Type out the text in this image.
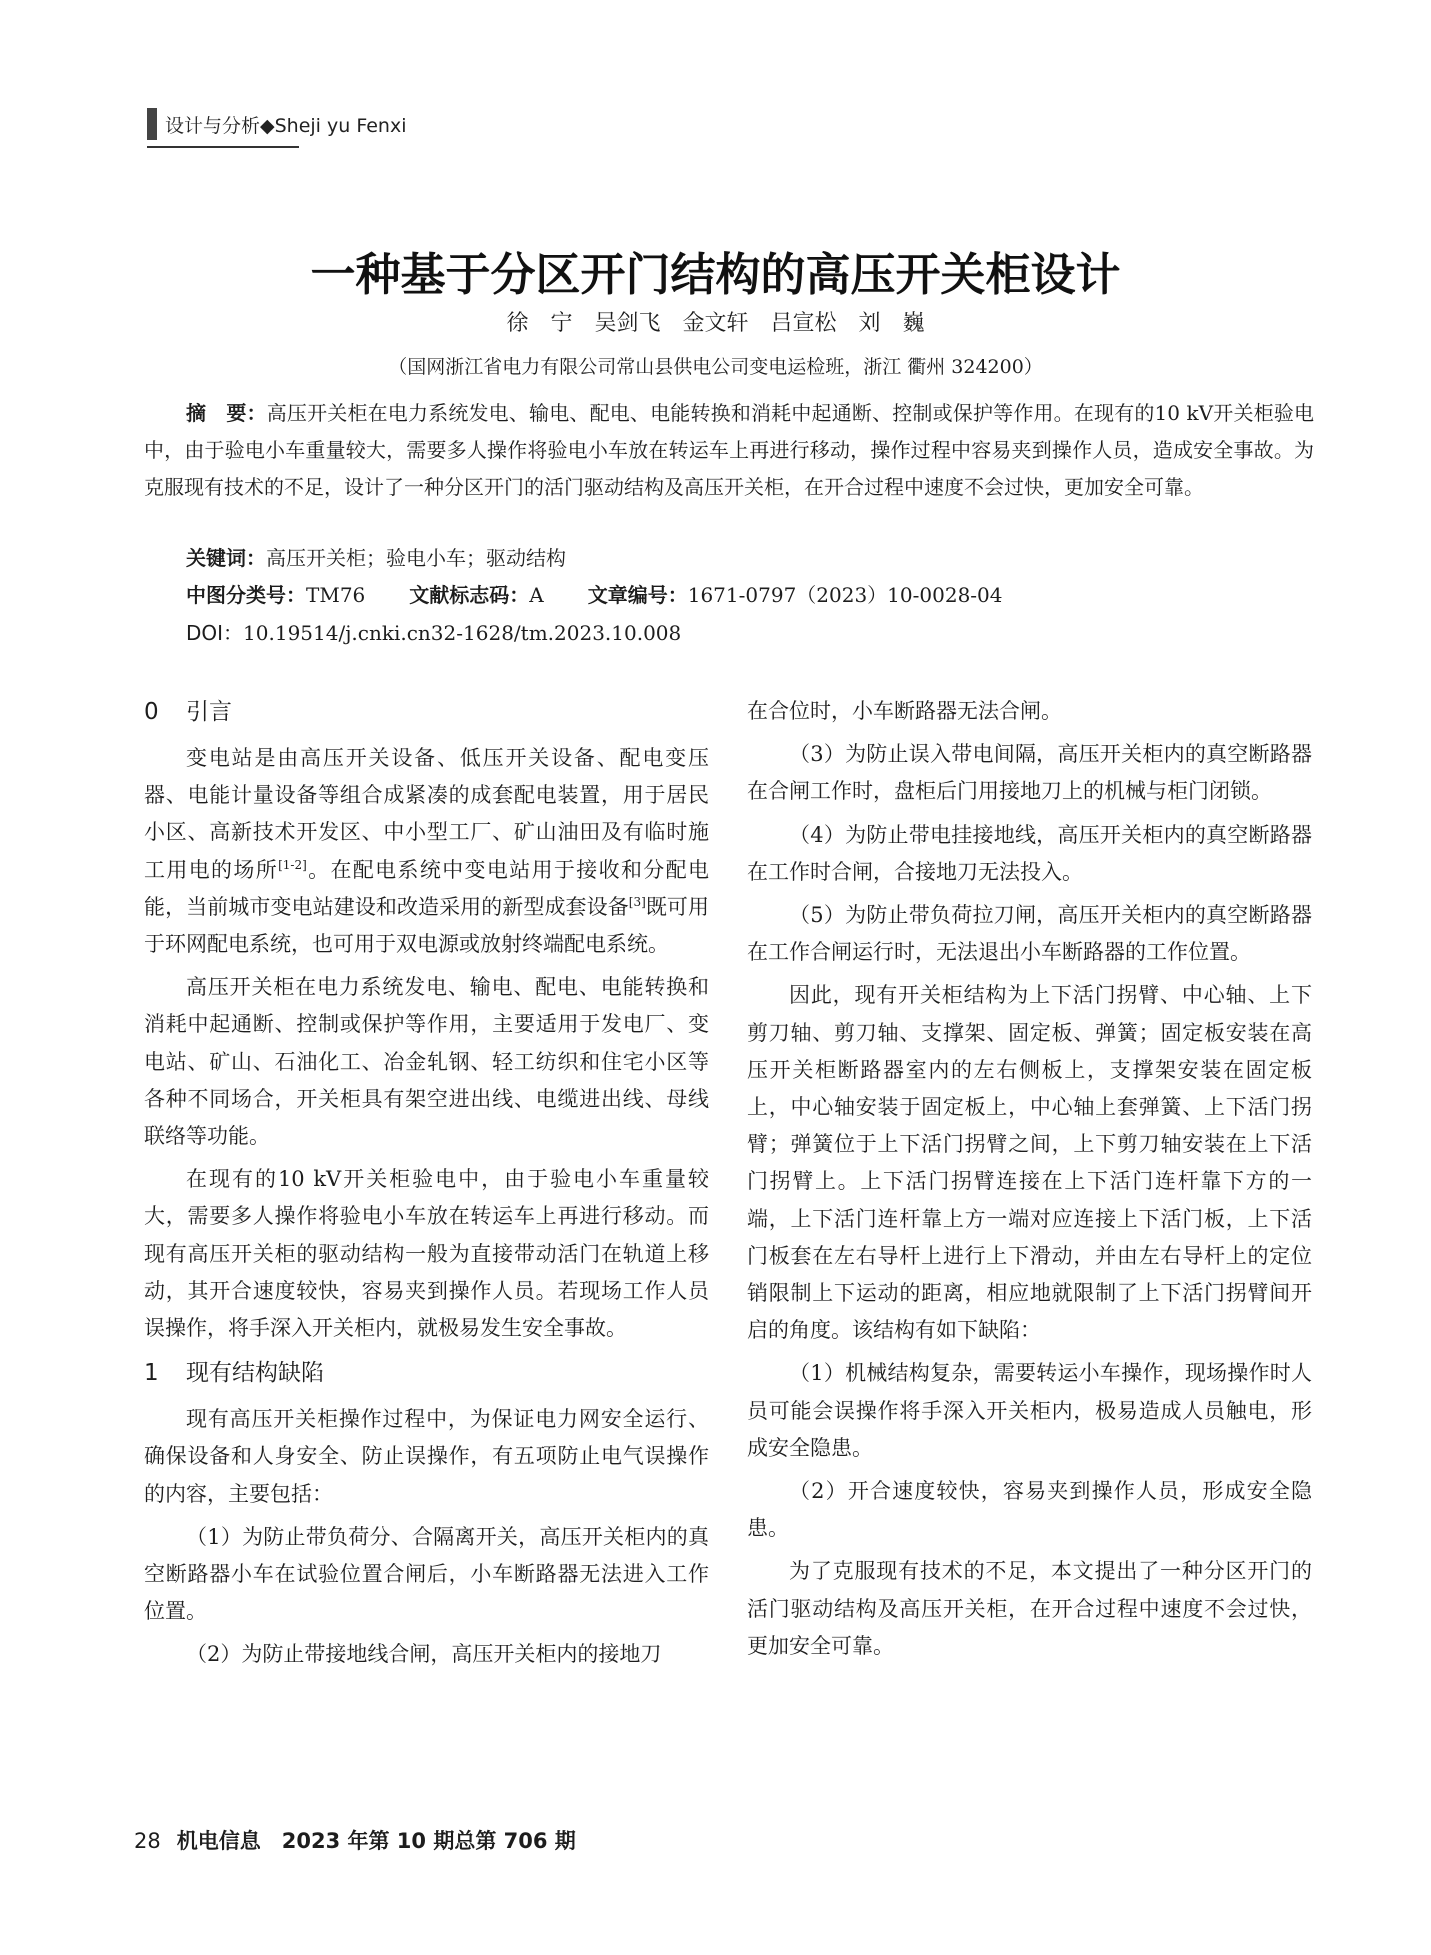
设计与分析◆Sheji yu Fenxi
一种基于分区开门结构的高压开关柜设计
徐　宁　吴剑飞　金文轩　吕宣松　刘　巍
（国网浙江省电力有限公司常山县供电公司变电运检班，浙江 衢州 324200）
摘　要：高压开关柜在电力系统发电、输电、配电、电能转换和消耗中起通断、控制或保护等作用。在现有的10 kV开关柜验电中，由于验电小车重量较大，需要多人操作将验电小车放在转运车上再进行移动，操作过程中容易夹到操作人员，造成安全事故。为克服现有技术的不足，设计了一种分区开门的活门驱动结构及高压开关柜，在开合过程中速度不会过快，更加安全可靠。
关键词：高压开关柜；验电小车；驱动结构
中图分类号：TM76 文献标志码：A 文章编号：1671-0797（2023）10-0028-04
DOI：10.19514/j.cnki.cn32-1628/tm.2023.10.008
0 引言

变电站是由高压开关设备、低压开关设备、配电变压器、电能计量设备等组合成紧凑的成套配电装置，用于居民小区、高新技术开发区、中小型工厂、矿山油田及有临时施工用电的场所[1-2]。在配电系统中变电站用于接收和分配电能，当前城市变电站建设和改造采用的新型成套设备[3]既可用于环网配电系统，也可用于双电源或放射终端配电系统。

高压开关柜在电力系统发电、输电、配电、电能转换和消耗中起通断、控制或保护等作用，主要适用于发电厂、变电站、矿山、石油化工、冶金轧钢、轻工纺织和住宅小区等各种不同场合，开关柜具有架空进出线、电缆进出线、母线联络等功能。

在现有的10 kV开关柜验电中，由于验电小车重量较大，需要多人操作将验电小车放在转运车上再进行移动。而现有高压开关柜的驱动结构一般为直接带动活门在轨道上移动，其开合速度较快，容易夹到操作人员。若现场工作人员误操作，将手深入开关柜内，就极易发生安全事故。

1 现有结构缺陷

现有高压开关柜操作过程中，为保证电力网安全运行、确保设备和人身安全、防止误操作，有五项防止电气误操作的内容，主要包括：

（1）为防止带负荷分、合隔离开关，高压开关柜内的真空断路器小车在试验位置合闸后，小车断路器无法进入工作位置。

（2）为防止带接地线合闸，高压开关柜内的接地刀

在合位时，小车断路器无法合闸。

（3）为防止误入带电间隔，高压开关柜内的真空断路器在合闸工作时，盘柜后门用接地刀上的机械与柜门闭锁。

（4）为防止带电挂接地线，高压开关柜内的真空断路器在工作时合闸，合接地刀无法投入。

（5）为防止带负荷拉刀闸，高压开关柜内的真空断路器在工作合闸运行时，无法退出小车断路器的工作位置。

因此，现有开关柜结构为上下活门拐臂、中心轴、上下剪刀轴、剪刀轴、支撑架、固定板、弹簧；固定板安装在高压开关柜断路器室内的左右侧板上，支撑架安装在固定板上，中心轴安装于固定板上，中心轴上套弹簧、上下活门拐臂；弹簧位于上下活门拐臂之间，上下剪刀轴安装在上下活门拐臂上。上下活门拐臂连接在上下活门连杆靠下方的一端，上下活门连杆靠上方一端对应连接上下活门板，上下活门板套在左右导杆上进行上下滑动，并由左右导杆上的定位销限制上下运动的距离，相应地就限制了上下活门拐臂间开启的角度。该结构有如下缺陷：

（1）机械结构复杂，需要转运小车操作，现场操作时人员可能会误操作将手深入开关柜内，极易造成人员触电，形成安全隐患。

（2）开合速度较快，容易夹到操作人员，形成安全隐患。

为了克服现有技术的不足，本文提出了一种分区开门的活门驱动结构及高压开关柜，在开合过程中速度不会过快，更加安全可靠。

28 机电信息　2023 年第 10 期总第 706 期
